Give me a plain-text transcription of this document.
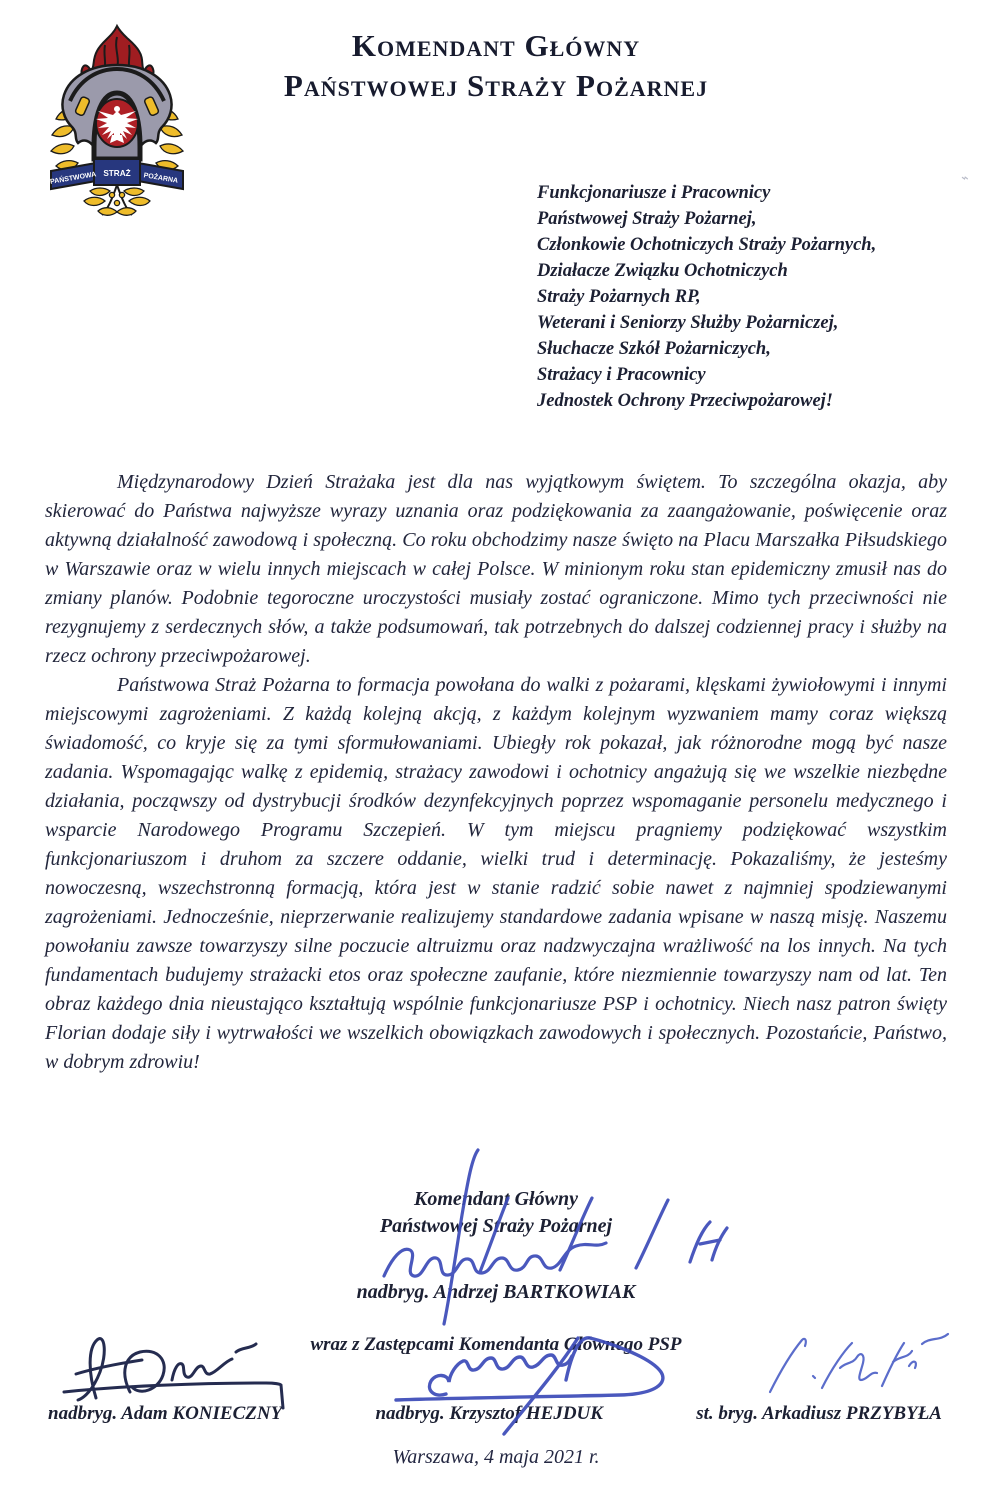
PAŃSTWOWA STRAŻ POŻARNA
Komendant Główny
Państwowej Straży Pożarnej
⌁
Funkcjonariusze i Pracownicy
Państwowej Straży Pożarnej,
Członkowie Ochotniczych Straży Pożarnych,
Działacze Związku Ochotniczych
Straży Pożarnych RP,
Weterani i Seniorzy Służby Pożarniczej,
Słuchacze Szkół Pożarniczych,
Strażacy i Pracownicy
Jednostek Ochrony Przeciwpożarowej!

Międzynarodowy Dzień Strażaka jest dla nas wyjątkowym świętem. To szczególna okazja, aby skierować do Państwa najwyższe wyrazy uznania oraz podziękowania za zaangażowanie, poświęcenie oraz aktywną działalność zawodową i społeczną. Co roku obchodzimy nasze święto na Placu Marszałka Piłsudskiego w Warszawie oraz w wielu innych miejscach w całej Polsce. W minionym roku stan epidemiczny zmusił nas do zmiany planów. Podobnie tegoroczne uroczystości musiały zostać ograniczone. Mimo tych przeciwności nie rezygnujemy z serdecznych słów, a także podsumowań, tak potrzebnych do dalszej codziennej pracy i służby na rzecz ochrony przeciwpożarowej.

Państwowa Straż Pożarna to formacja powołana do walki z pożarami, klęskami żywiołowymi i innymi miejscowymi zagrożeniami. Z każdą kolejną akcją, z każdym kolejnym wyzwaniem mamy coraz większą świadomość, co kryje się za tymi sformułowaniami. Ubiegły rok pokazał, jak różnorodne mogą być nasze zadania. Wspomagając walkę z epidemią, strażacy zawodowi i ochotnicy angażują się we wszelkie niezbędne działania, począwszy od dystrybucji środków dezynfekcyjnych poprzez wspomaganie personelu medycznego i wsparcie Narodowego Programu Szczepień. W tym miejscu pragniemy podziękować wszystkim funkcjonariuszom i druhom za szczere oddanie, wielki trud i determinację. Pokazaliśmy, że jesteśmy nowoczesną, wszechstronną formacją, która jest w stanie radzić sobie nawet z najmniej spodziewanymi zagrożeniami. Jednocześnie, nieprzerwanie realizujemy standardowe zadania wpisane w naszą misję. Naszemu powołaniu zawsze towarzyszy silne poczucie altruizmu oraz nadzwyczajna wrażliwość na los innych. Na tych fundamentach budujemy strażacki etos oraz społeczne zaufanie, które niezmiennie towarzyszy nam od lat. Ten obraz każdego dnia nieustająco kształtują wspólnie funkcjonariusze PSP i ochotnicy. Niech nasz patron święty Florian dodaje siły i wytrwałości we wszelkich obowiązkach zawodowych i społecznych. Pozostańcie, Państwo, w dobrym zdrowiu!

Komendant Główny
Państwowej Straży Pożarnej
nadbryg. Andrzej BARTKOWIAK
wraz z Zastępcami Komendanta Głównego PSP
nadbryg. Adam KONIECZNY	nadbryg. Krzysztof HEJDUK	st. bryg. Arkadiusz PRZYBYŁA
Warszawa, 4 maja 2021 r.
